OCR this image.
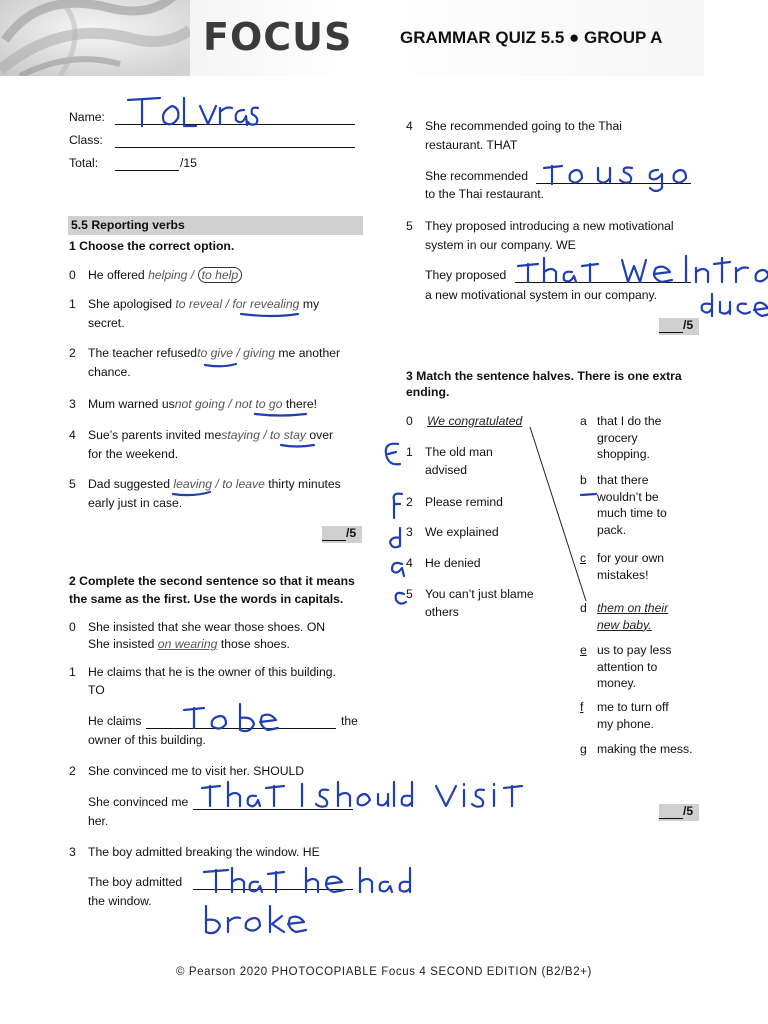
FOCUS	GRAMMAR QUIZ 5.5 ● GROUP A
Name:
Class:
Total:	/15
5.5 Reporting verbs
1 Choose the correct option.
0 He offered helping / to help
1 She apologised to reveal / for revealing my
secret.
2 The teacher refusedto give / giving me another
chance.
3 Mum warned usnot going / not to go there!
4 Sue’s parents invited mestaying / to stay over
for the weekend.
5 Dad suggested leaving / to leave thirty minutes
early just in case.
/5
2 Complete the second sentence so that it means
the same as the first. Use the words in capitals.
0 She insisted that she wear those shoes. ON
She insisted on wearing those shoes.
1 He claims that he is the owner of this building.
TO
He claims	the
owner of this building.
2 She convinced me to visit her. SHOULD
She convinced me
her.
3 The boy admitted breaking the window. HE
The boy admitted
the window.
4 She recommended going to the Thai
restaurant. THAT
She recommended
to the Thai restaurant.
5 They proposed introducing a new motivational
system in our company. WE
They proposed
a new motivational system in our company.
/5
3 Match the sentence halves. There is one extra
ending.
0 We congratulated
1 The old man
advised
2 Please remind
3 We explained
4 He denied
5 You can’t just blame
others
a that I do the
grocery
shopping.
b that there
wouldn’t be
much time to
pack.
c for your own
mistakes!
d them on their
new baby.
e us to pay less
attention to
money.
f me to turn off
my phone.
g making the mess.
/5
© Pearson 2020 PHOTOCOPIABLE Focus 4 SECOND EDITION (B2/B2+)
